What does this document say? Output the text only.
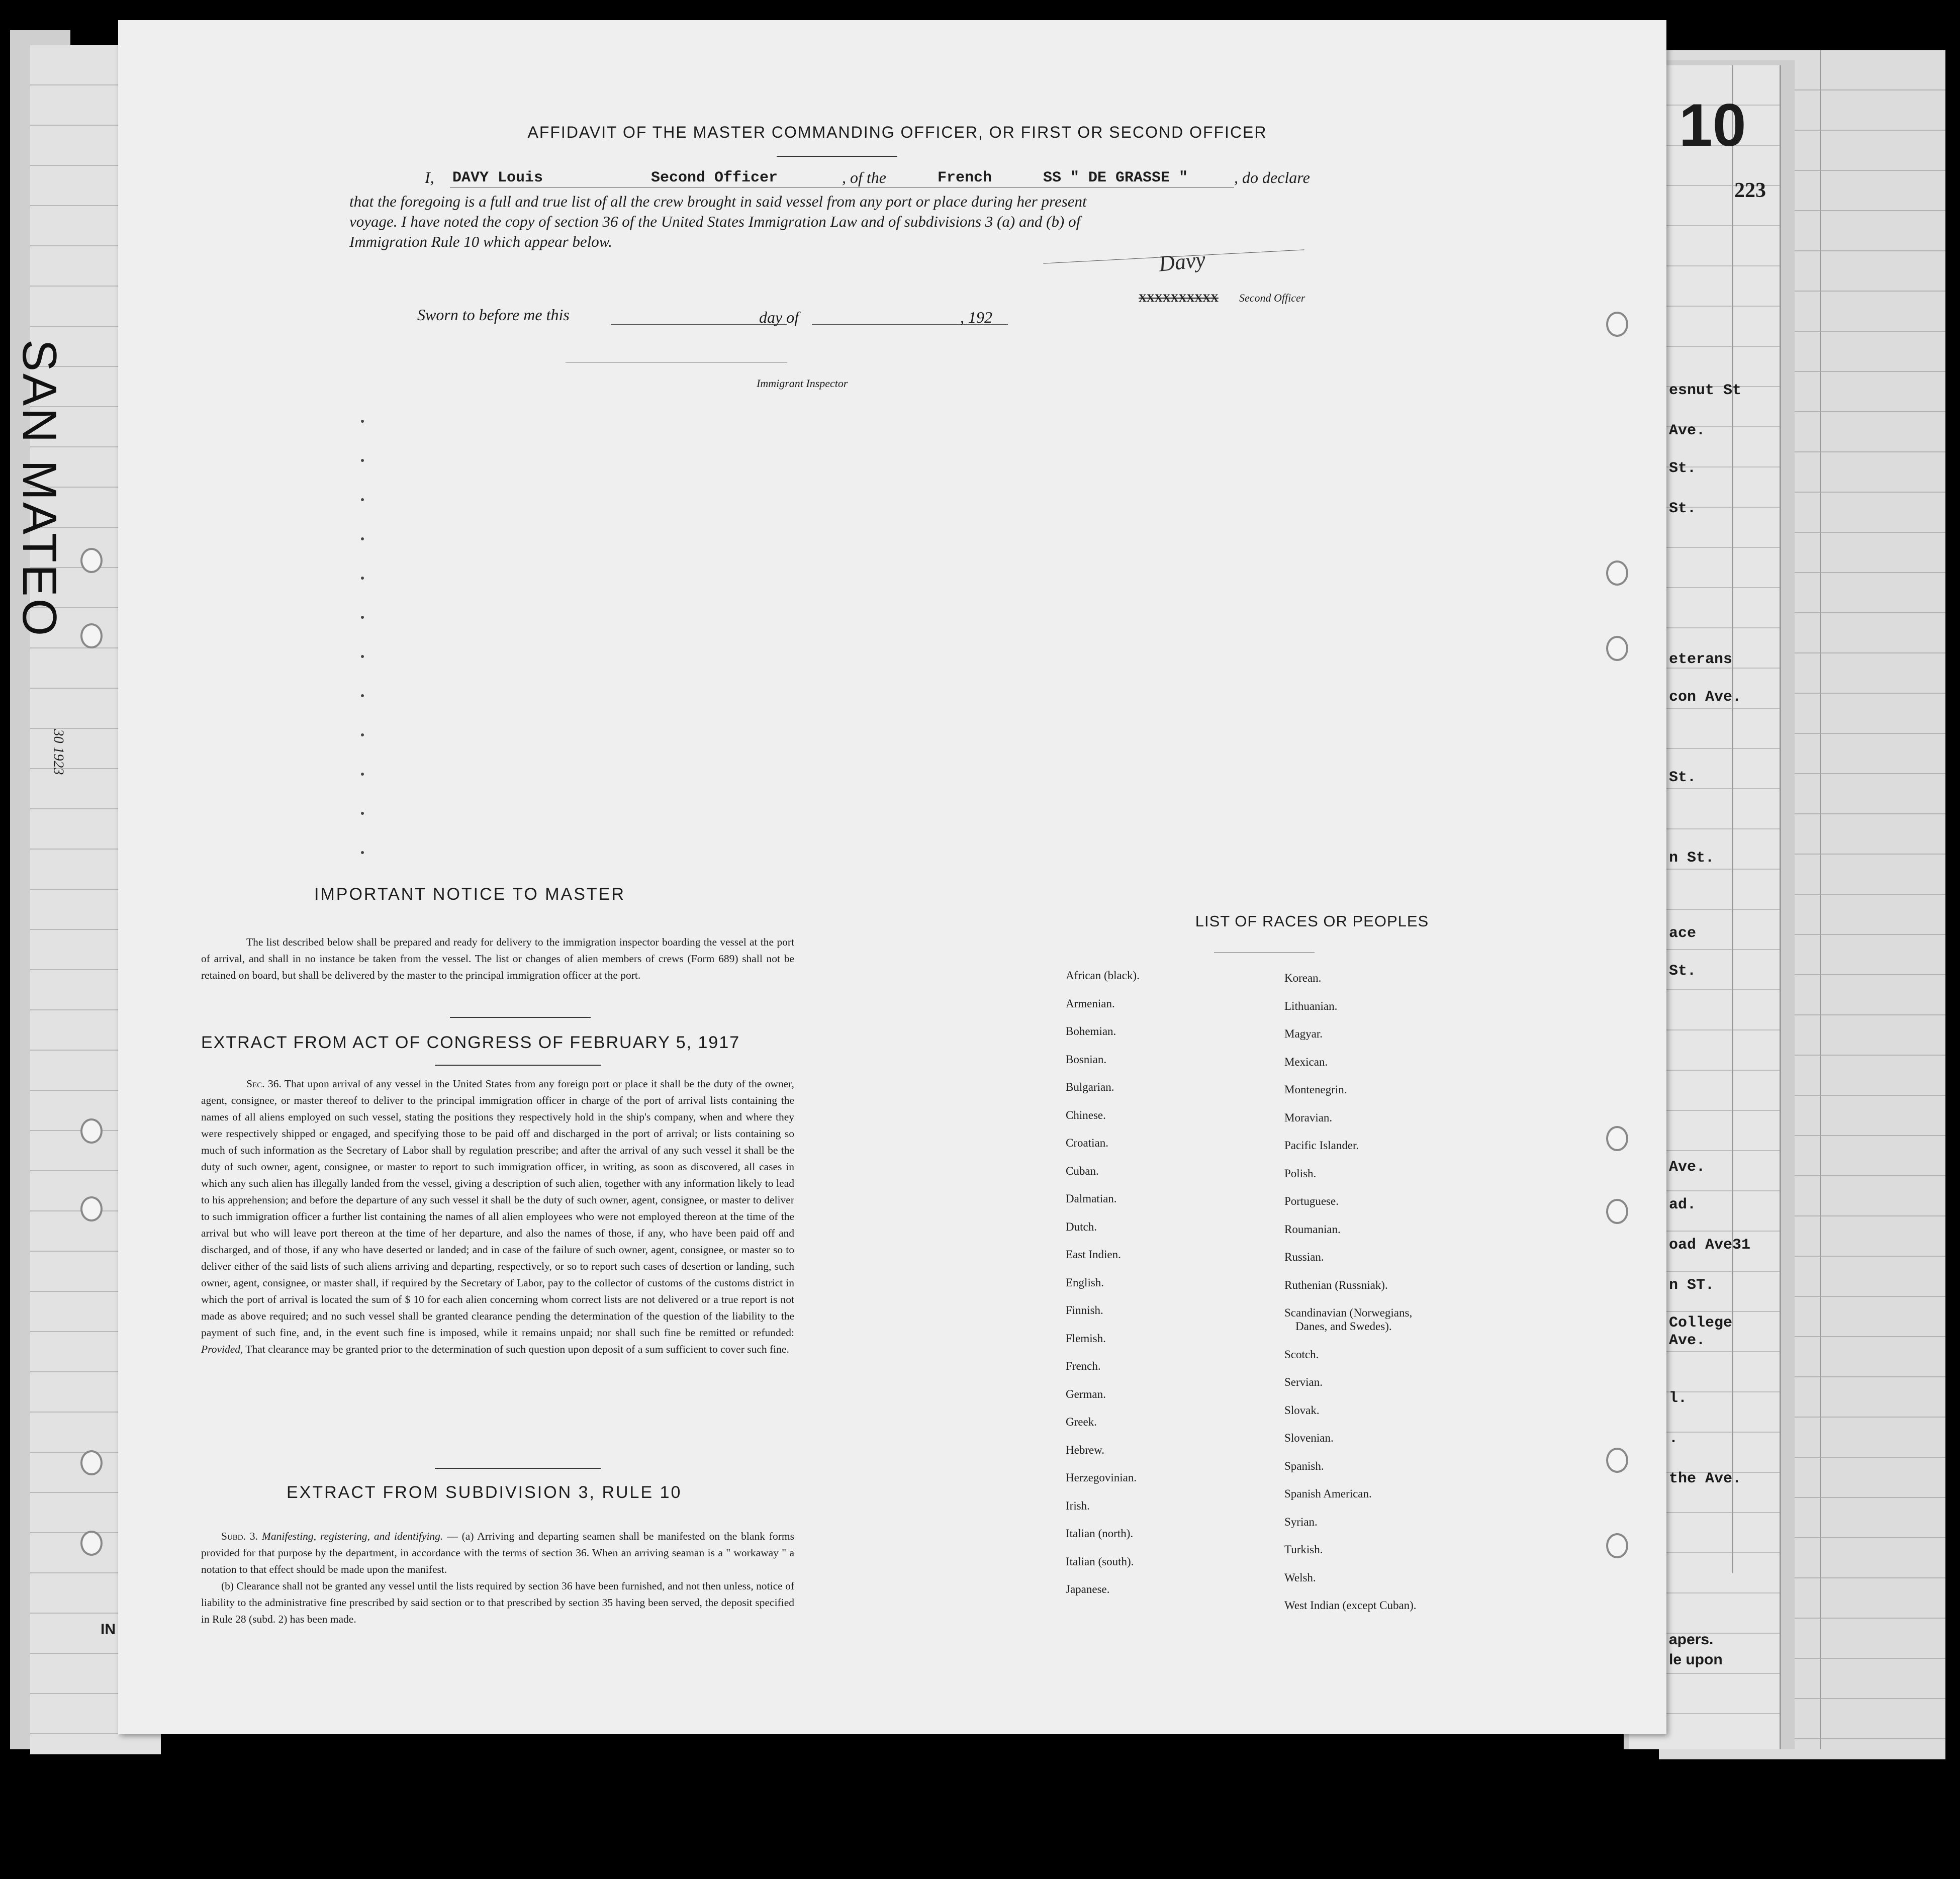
SAN MATEO
30 1923
IN
esnut St
Ave.
St.
St.
eterans
con Ave.
St.
n St.
ace
St.
Ave.
ad.
oad Ave31
n ST.
College
Ave.
l.
.
the Ave.
apers.
le upon
10
223
AFFIDAVIT OF THE MASTER COMMANDING OFFICER, OR FIRST OR SECOND OFFICER
I, DAVY Louis	Second Officer	, of the	French	SS " DE GRASSE "	, do declare
that the foregoing is a full and true list of all the crew brought in said vessel from any port or place during her present
voyage. I have noted the copy of section 36 of the United States Immigration Law and of subdivisions 3 (a) and (b) of
Immigration Rule 10 which appear below.
Davy
XXXXXXXXXX Second Officer
Sworn to before me this	day of	, 192
Immigrant Inspector
IMPORTANT NOTICE TO MASTER
The list described below shall be prepared and ready for delivery to the immigration inspector boarding the vessel at the port of arrival, and shall in no instance be taken from the vessel. The list or changes of alien members of crews (Form 689) shall not be retained on board, but shall be delivered by the master to the principal immigration officer at the port.
EXTRACT FROM ACT OF CONGRESS OF FEBRUARY 5, 1917

Sec. 36. That upon arrival of any vessel in the United States from any foreign port or place it shall be the duty of the owner, agent, consignee, or master thereof to deliver to the principal immigration officer in charge of the port of arrival lists containing the names of all aliens employed on such vessel, stating the positions they respectively hold in the ship's company, when and where they were respectively shipped or engaged, and specifying those to be paid off and discharged in the port of arrival; or lists containing so much of such information as the Secretary of Labor shall by regulation prescribe; and after the arrival of any such vessel it shall be the duty of such owner, agent, consignee, or master to report to such immigration officer, in writing, as soon as discovered, all cases in which any such alien has illegally landed from the vessel, giving a description of such alien, together with any information likely to lead to his apprehension; and before the departure of any such vessel it shall be the duty of such owner, agent, consignee, or master to deliver to such immigration officer a further list containing the names of all alien employees who were not employed thereon at the time of the arrival but who will leave port thereon at the time of her departure, and also the names of those, if any, who have been paid off and discharged, and of those, if any who have deserted or landed; and in case of the failure of such owner, agent, consignee, or master so to deliver either of the said lists of such aliens arriving and departing, respectively, or so to report such cases of desertion or landing, such owner, agent, consignee, or master shall, if required by the Secretary of Labor, pay to the collector of customs of the customs district in which the port of arrival is located the sum of $ 10 for each alien concerning whom correct lists are not delivered or a true report is not made as above required; and no such vessel shall be granted clearance pending the determination of the question of the liability to the payment of such fine, and, in the event such fine is imposed, while it remains unpaid; nor shall such fine be remitted or refunded: Provided, That clearance may be granted prior to the determination of such question upon deposit of a sum sufficient to cover such fine.

EXTRACT FROM SUBDIVISION 3, RULE 10

Subd. 3. Manifesting, registering, and identifying. — (a) Arriving and departing seamen shall be manifested on the blank forms provided for that purpose by the department, in accordance with the terms of section 36. When an arriving seaman is a " workaway " a notation to that effect should be made upon the manifest.

(b) Clearance shall not be granted any vessel until the lists required by section 36 have been furnished, and not then unless, notice of liability to the administrative fine prescribed by said section or to that prescribed by section 35 having been served, the deposit specified in Rule 28 (subd. 2) has been made.

LIST OF RACES OR PEOPLES
African (black).
Armenian.
Bohemian.
Bosnian.
Bulgarian.
Chinese.
Croatian.
Cuban.
Dalmatian.
Dutch.
East Indien.
English.
Finnish.
Flemish.
French.
German.
Greek.
Hebrew.
Herzegovinian.
Irish.
Italian (north).
Italian (south).
Japanese.
Korean.
Lithuanian.
Magyar.
Mexican.
Montenegrin.
Moravian.
Pacific Islander.
Polish.
Portuguese.
Roumanian.
Russian.
Ruthenian (Russniak).
Scandinavian (Norwegians,
Danes, and Swedes).
Scotch.
Servian.
Slovak.
Slovenian.
Spanish.
Spanish American.
Syrian.
Turkish.
Welsh.
West Indian (except Cuban).
